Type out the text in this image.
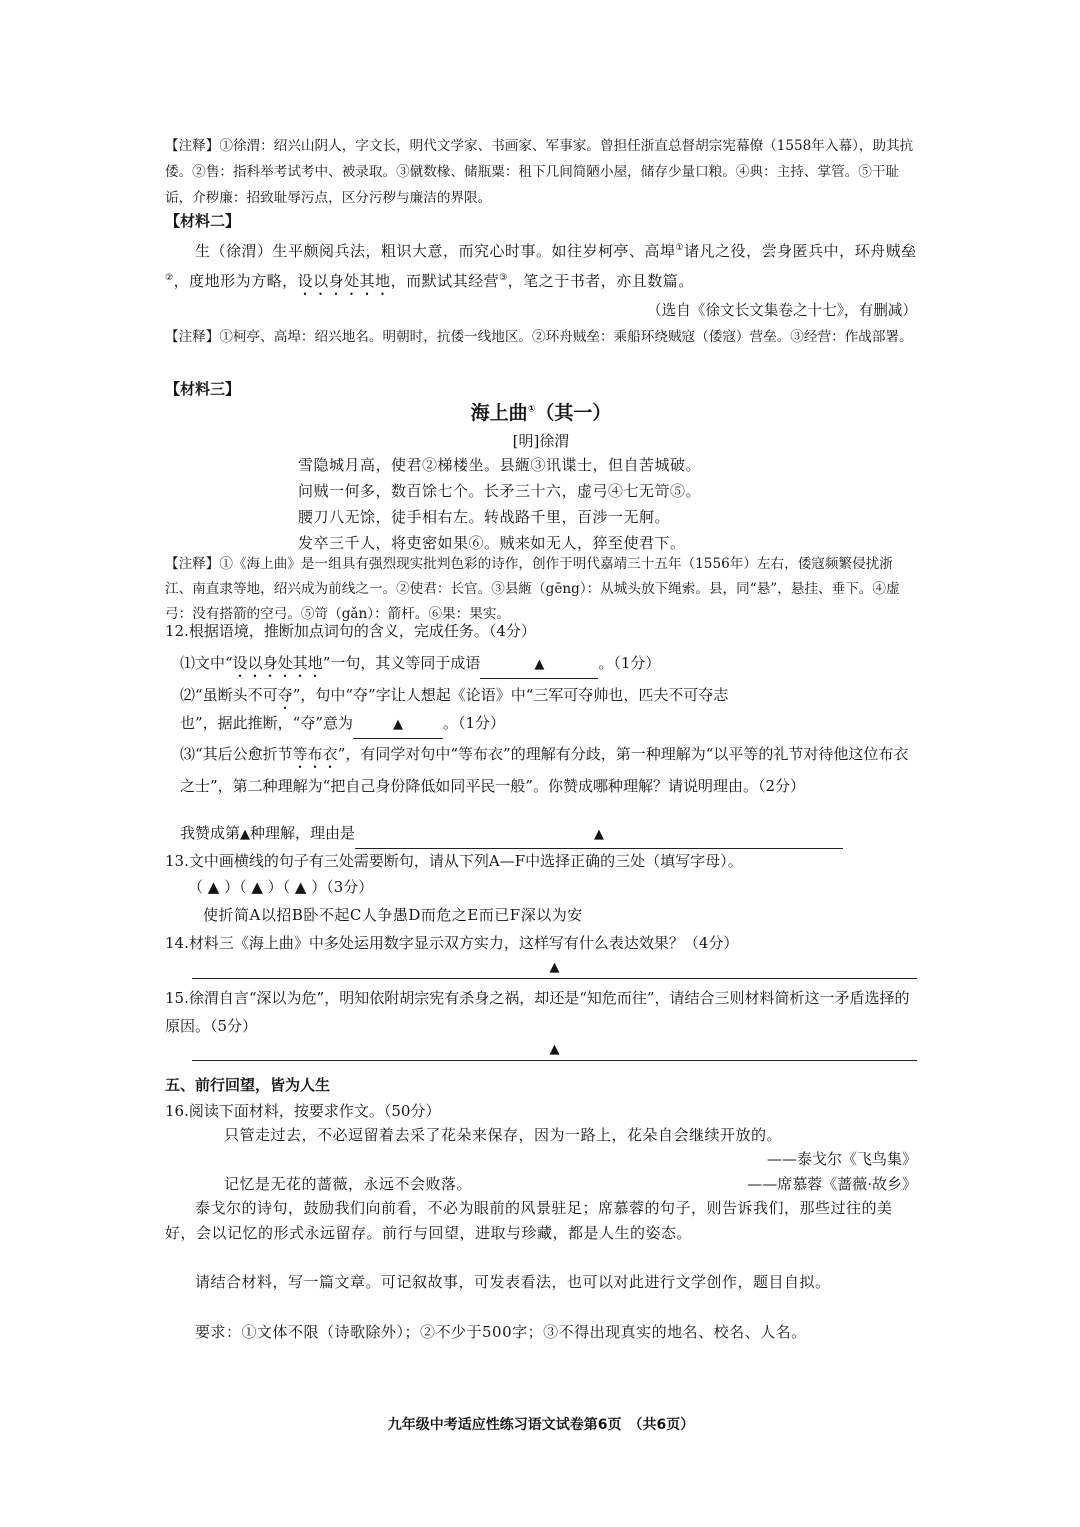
【注释】①徐渭：绍兴山阴人，字文长，明代文学家、书画家、军事家。曾担任浙直总督胡宗宪幕僚（1558年入幕），助其抗倭。②售：指科举考试考中、被录取。③僦数椽、储瓶粟：租下几间简陋小屋，储存少量口粮。④典：主持、掌管。⑤干耻诟，介秽廉：招致耻辱污点，区分污秽与廉洁的界限。
【材料二】
生（徐渭）生平颇阅兵法，粗识大意，而究心时事。如往岁柯亭、高埠①诸凡之役，尝身匿兵中，环舟贼垒②，度地形为方略，设以身处其地，而默试其经营③，笔之于书者，亦且数篇。
（选自《徐文长文集卷之十七》，有删减）
【注释】①柯亭、高埠：绍兴地名。明朝时，抗倭一线地区。②环舟贼垒：乘船环绕贼寇（倭寇）营垒。③经营：作战部署。
【材料三】
海上曲①（其一）
[明]徐渭
雪隐城月高，使君②梯楼坐。县緪③讯谍士，但自苦城破。
问贼一何多，数百馀七个。长矛三十六，虚弓④七无笴⑤。
腰刀八无馀，徒手相右左。转战路千里，百涉一无舸。
发卒三千人，将吏密如果⑥。贼来如无人，猝至使君下。
【注释】①《海上曲》是一组具有强烈现实批判色彩的诗作，创作于明代嘉靖三十五年（1556年）左右，倭寇频繁侵扰浙江、南直隶等地，绍兴成为前线之一。②使君：长官。③县緪（gēng）：从城头放下绳索。县，同“悬”，悬挂、垂下。④虚弓：没有搭箭的空弓。⑤笴（gǎn）：箭杆。⑥果：果实。
12.根据语境，推断加点词句的含义，完成任务。（4分）
⑴文中“设以身处其地”一句，其义等同于成语	▲	。（1分）
⑵“虽断头不可夺”，句中“夺”字让人想起《论语》中“三军可夺帅也，匹夫不可夺志
也”，据此推断，“夺”意为	▲	。（1分）
⑶“其后公愈折节等布衣”，有同学对句中“等布衣”的理解有分歧，第一种理解为“以平等的礼节对待他这位布衣之士”，第二种理解为“把自己身份降低如同平民一般”。你赞成哪种理解？请说明理由。（2分）
我赞成第▲种理解，理由是	▲
13.文中画横线的句子有三处需要断句，请从下列A—F中选择正确的三处（填写字母）。
（ ▲ ）（ ▲ ）（ ▲ ）（3分）
使折简A以招B卧不起C人争愚D而危之E而已F深以为安
14.材料三《海上曲》中多处运用数字显示双方实力，这样写有什么表达效果？（4分）
▲
15.徐渭自言“深以为危”，明知依附胡宗宪有杀身之祸，却还是“知危而往”，请结合三则材料简析这一矛盾选择的原因。（5分）
▲
五、前行回望，皆为人生
16.阅读下面材料，按要求作文。（50分）
只管走过去，不必逗留着去采了花朵来保存，因为一路上，花朵自会继续开放的。
——泰戈尔《飞鸟集》
记忆是无花的蔷薇，永远不会败落。	——席慕蓉《蔷薇·故乡》
泰戈尔的诗句，鼓励我们向前看，不必为眼前的风景驻足；席慕蓉的句子，则告诉我们，那些过往的美好，会以记忆的形式永远留存。前行与回望，进取与珍藏，都是人生的姿态。
请结合材料，写一篇文章。可记叙故事，可发表看法，也可以对此进行文学创作，题目自拟。
要求：①文体不限（诗歌除外）；②不少于500字；③不得出现真实的地名、校名、人名。
九年级中考适应性练习语文试卷第6页　（共6页）
